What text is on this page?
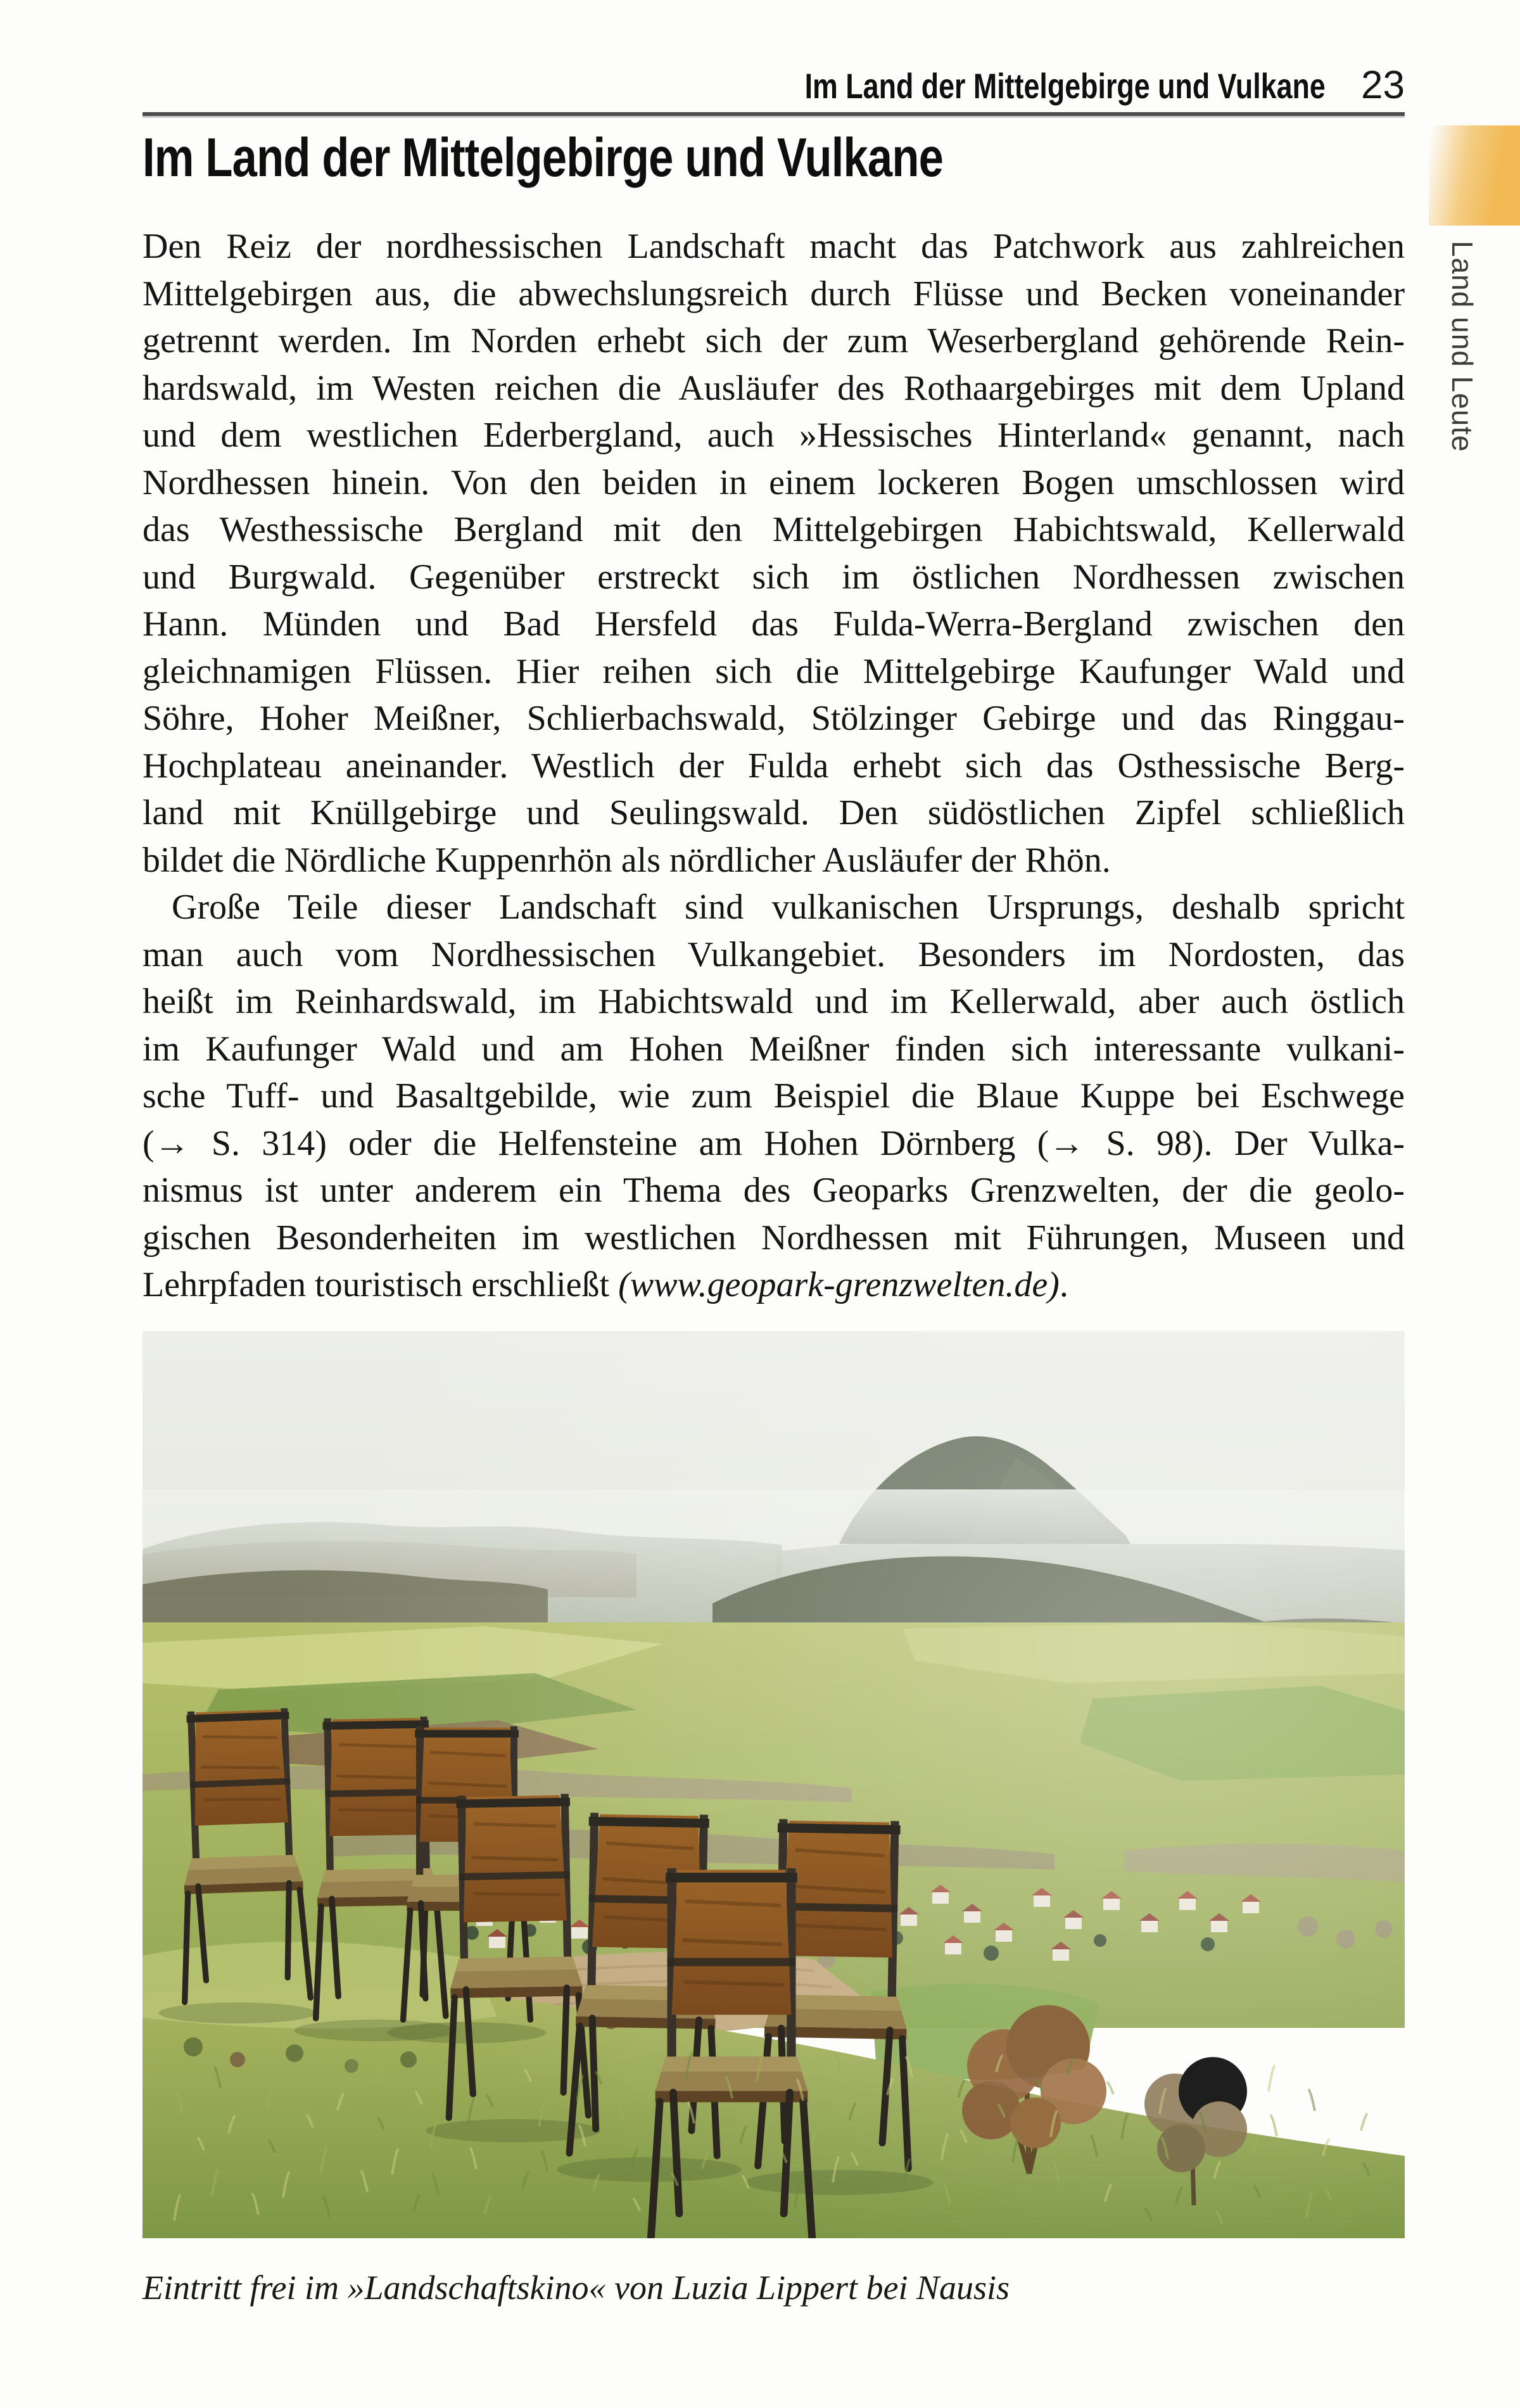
Im Land der Mittelgebirge und Vulkane 23
Im Land der Mittelgebirge und Vulkane
Den Reiz der nordhessischen Landschaft macht das Patchwork aus zahlreichen
Mittelgebirgen aus, die abwechslungsreich durch Flüsse und Becken voneinander
getrennt werden. Im Norden erhebt sich der zum Weserbergland gehörende Rein-
hardswald, im Westen reichen die Ausläufer des Rothaargebirges mit dem Upland
und dem westlichen Ederbergland, auch »Hessisches Hinterland« genannt, nach
Nordhessen hinein. Von den beiden in einem lockeren Bogen umschlossen wird
das Westhessische Bergland mit den Mittelgebirgen Habichtswald, Kellerwald
und Burgwald. Gegenüber erstreckt sich im östlichen Nordhessen zwischen
Hann. Münden und Bad Hersfeld das Fulda-Werra-Bergland zwischen den
gleichnamigen Flüssen. Hier reihen sich die Mittelgebirge Kaufunger Wald und
Söhre, Hoher Meißner, Schlierbachswald, Stölzinger Gebirge und das Ringgau-
Hochplateau aneinander. Westlich der Fulda erhebt sich das Osthessische Berg-
land mit Knüllgebirge und Seulingswald. Den südöstlichen Zipfel schließlich
bildet die Nördliche Kuppenrhön als nördlicher Ausläufer der Rhön.
Große Teile dieser Landschaft sind vulkanischen Ursprungs, deshalb spricht
man auch vom Nordhessischen Vulkangebiet. Besonders im Nordosten, das
heißt im Reinhardswald, im Habichtswald und im Kellerwald, aber auch östlich
im Kaufunger Wald und am Hohen Meißner finden sich interessante vulkani-
sche Tuff- und Basaltgebilde, wie zum Beispiel die Blaue Kuppe bei Eschwege
(→ S. 314) oder die Helfensteine am Hohen Dörnberg (→ S. 98). Der Vulka-
nismus ist unter anderem ein Thema des Geoparks Grenzwelten, der die geolo-
gischen Besonderheiten im westlichen Nordhessen mit Führungen, Museen und
Lehrpfaden touristisch erschließt (www.geopark-grenzwelten.de).
Eintritt frei im »Landschaftskino« von Luzia Lippert bei Nausis
Land und Leute
